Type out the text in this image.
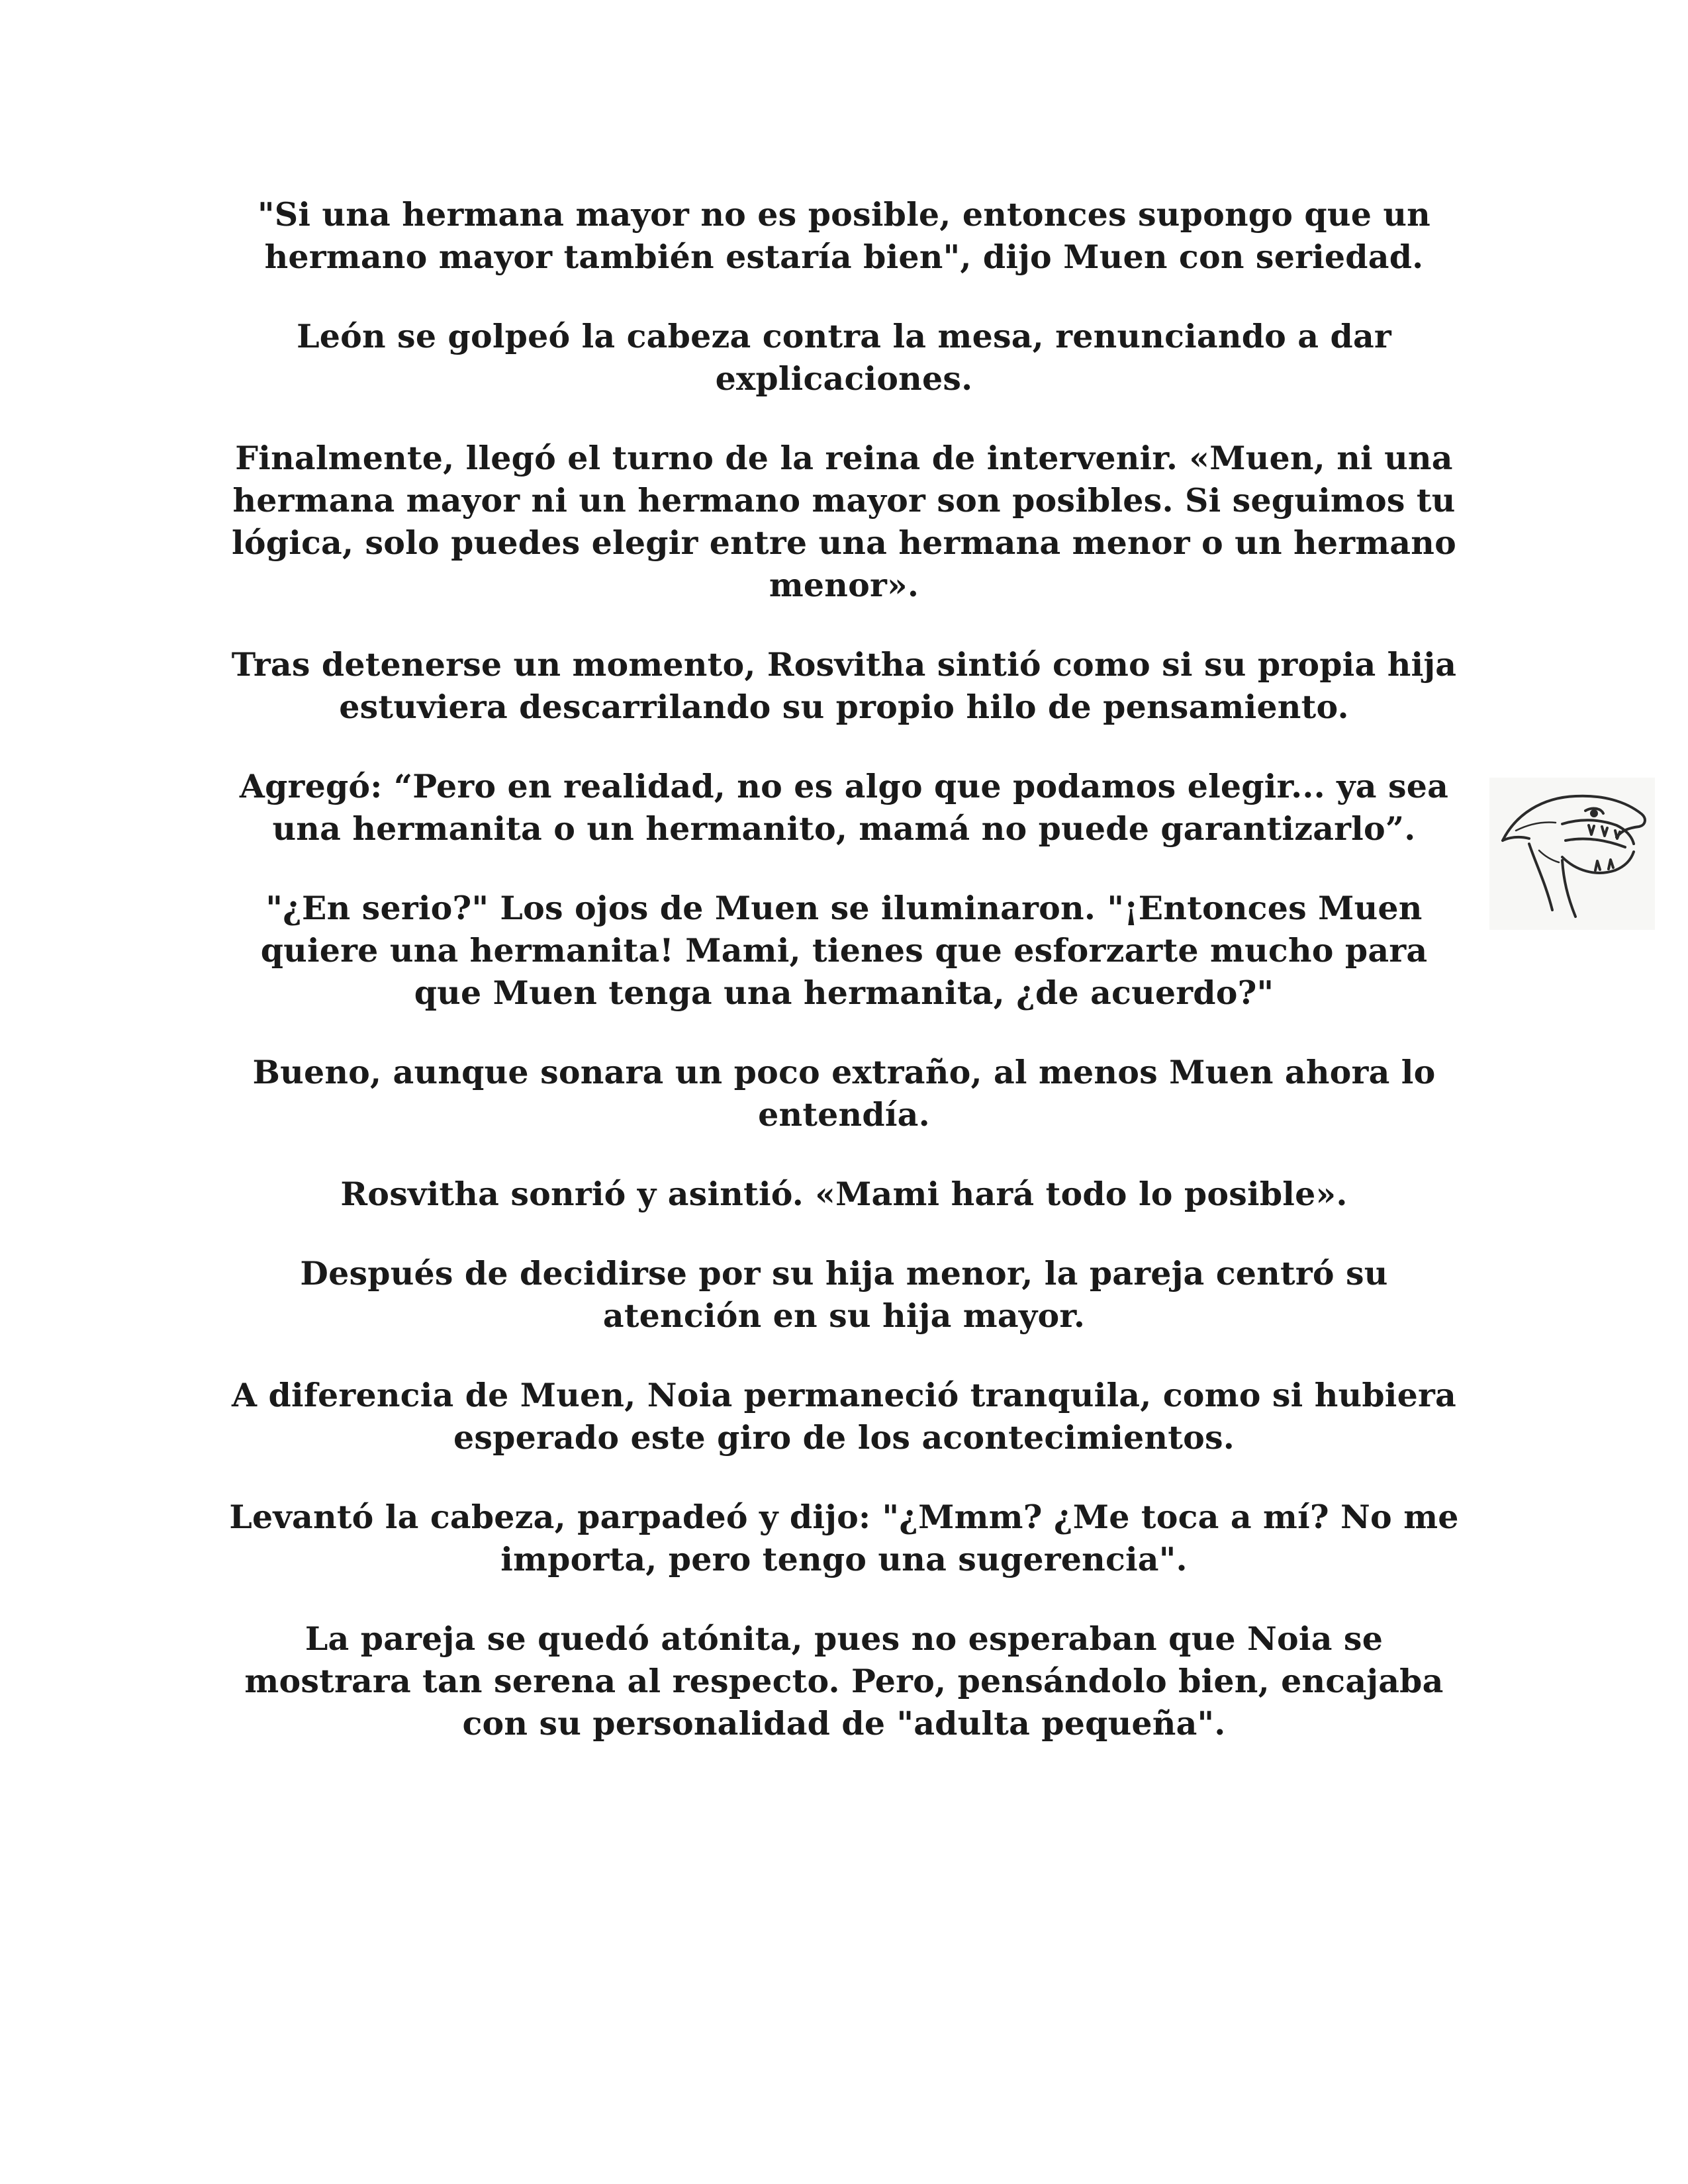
"Si una hermana mayor no es posible, entonces supongo que un hermano mayor también estaría bien", dijo Muen con seriedad.

León se golpeó la cabeza contra la mesa, renunciando a dar explicaciones.

Finalmente, llegó el turno de la reina de intervenir. «Muen, ni una hermana mayor ni un hermano mayor son posibles. Si seguimos tu lógica, solo puedes elegir entre una hermana menor o un hermano menor».

Tras detenerse un momento, Rosvitha sintió como si su propia hija estuviera descarrilando su propio hilo de pensamiento.

Agregó: “Pero en realidad, no es algo que podamos elegir... ya sea una hermanita o un hermanito, mamá no puede garantizarlo”.

"¿En serio?" Los ojos de Muen se iluminaron. "¡Entonces Muen quiere una hermanita! Mami, tienes que esforzarte mucho para que Muen tenga una hermanita, ¿de acuerdo?"

Bueno, aunque sonara un poco extraño, al menos Muen ahora lo entendía.

Rosvitha sonrió y asintió. «Mami hará todo lo posible».

Después de decidirse por su hija menor, la pareja centró su atención en su hija mayor.

A diferencia de Muen, Noia permaneció tranquila, como si hubiera esperado este giro de los acontecimientos.

Levantó la cabeza, parpadeó y dijo: "¿Mmm? ¿Me toca a mí? No me importa, pero tengo una sugerencia".

La pareja se quedó atónita, pues no esperaban que Noia se mostrara tan serena al respecto. Pero, pensándolo bien, encajaba con su personalidad de "adulta pequeña".
